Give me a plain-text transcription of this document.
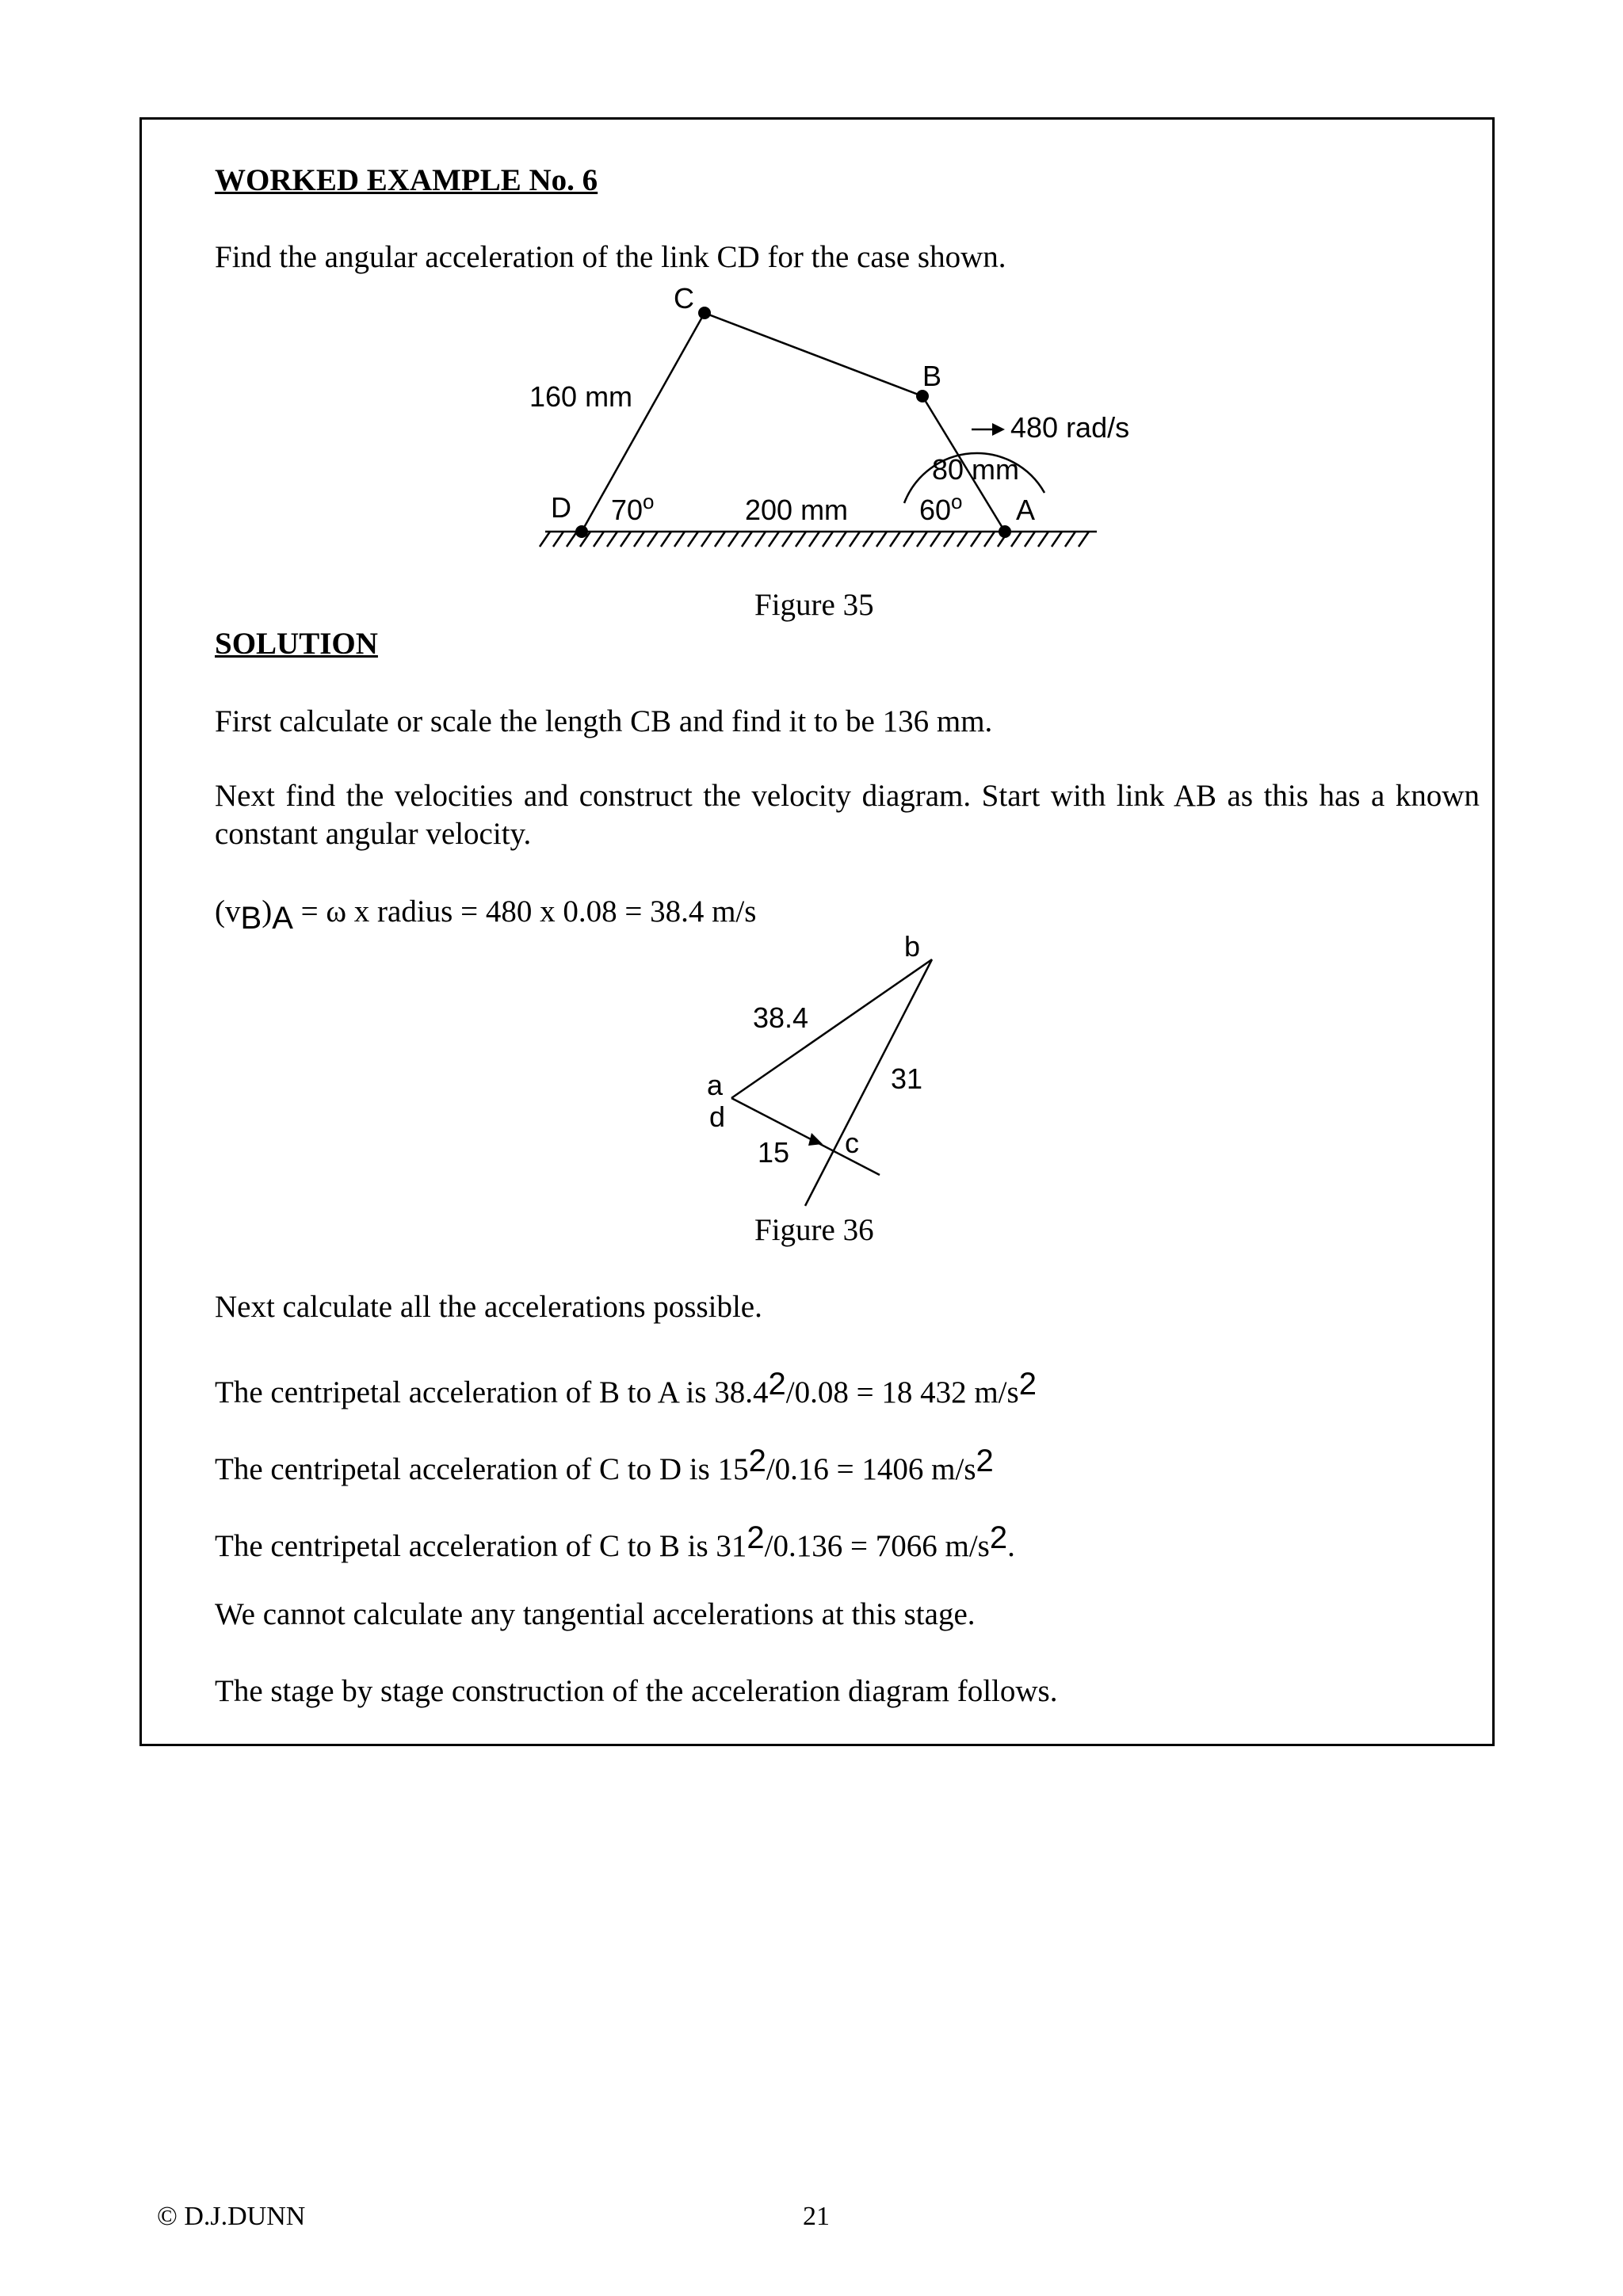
WORKED EXAMPLE No. 6
Find the angular acceleration of the link CD for the case shown.
C
B
D	A
160 mm
200 mm
80 mm
480 rad/s
70$^o$	60$^o$
Figure 35
SOLUTION
First calculate or scale the length CB and find it to be 136 mm.
Next find the velocities and construct the velocity diagram. Start with link AB as this has a known constant angular velocity.
(vB)A = ω x radius = 480 x 0.08 = 38.4 m/s
b
a
d
c
38.4
31
15
Figure 36
Next calculate all the accelerations possible.
The centripetal acceleration of B to A is 38.42/0.08 = 18 432 m/s2
The centripetal acceleration of C to D is 152/0.16 = 1406 m/s2
The centripetal acceleration of C to B is 312/0.136 = 7066 m/s2.
We cannot calculate any tangential accelerations at this stage.
The stage by stage construction of the acceleration diagram follows.
© D.J.DUNN	21
